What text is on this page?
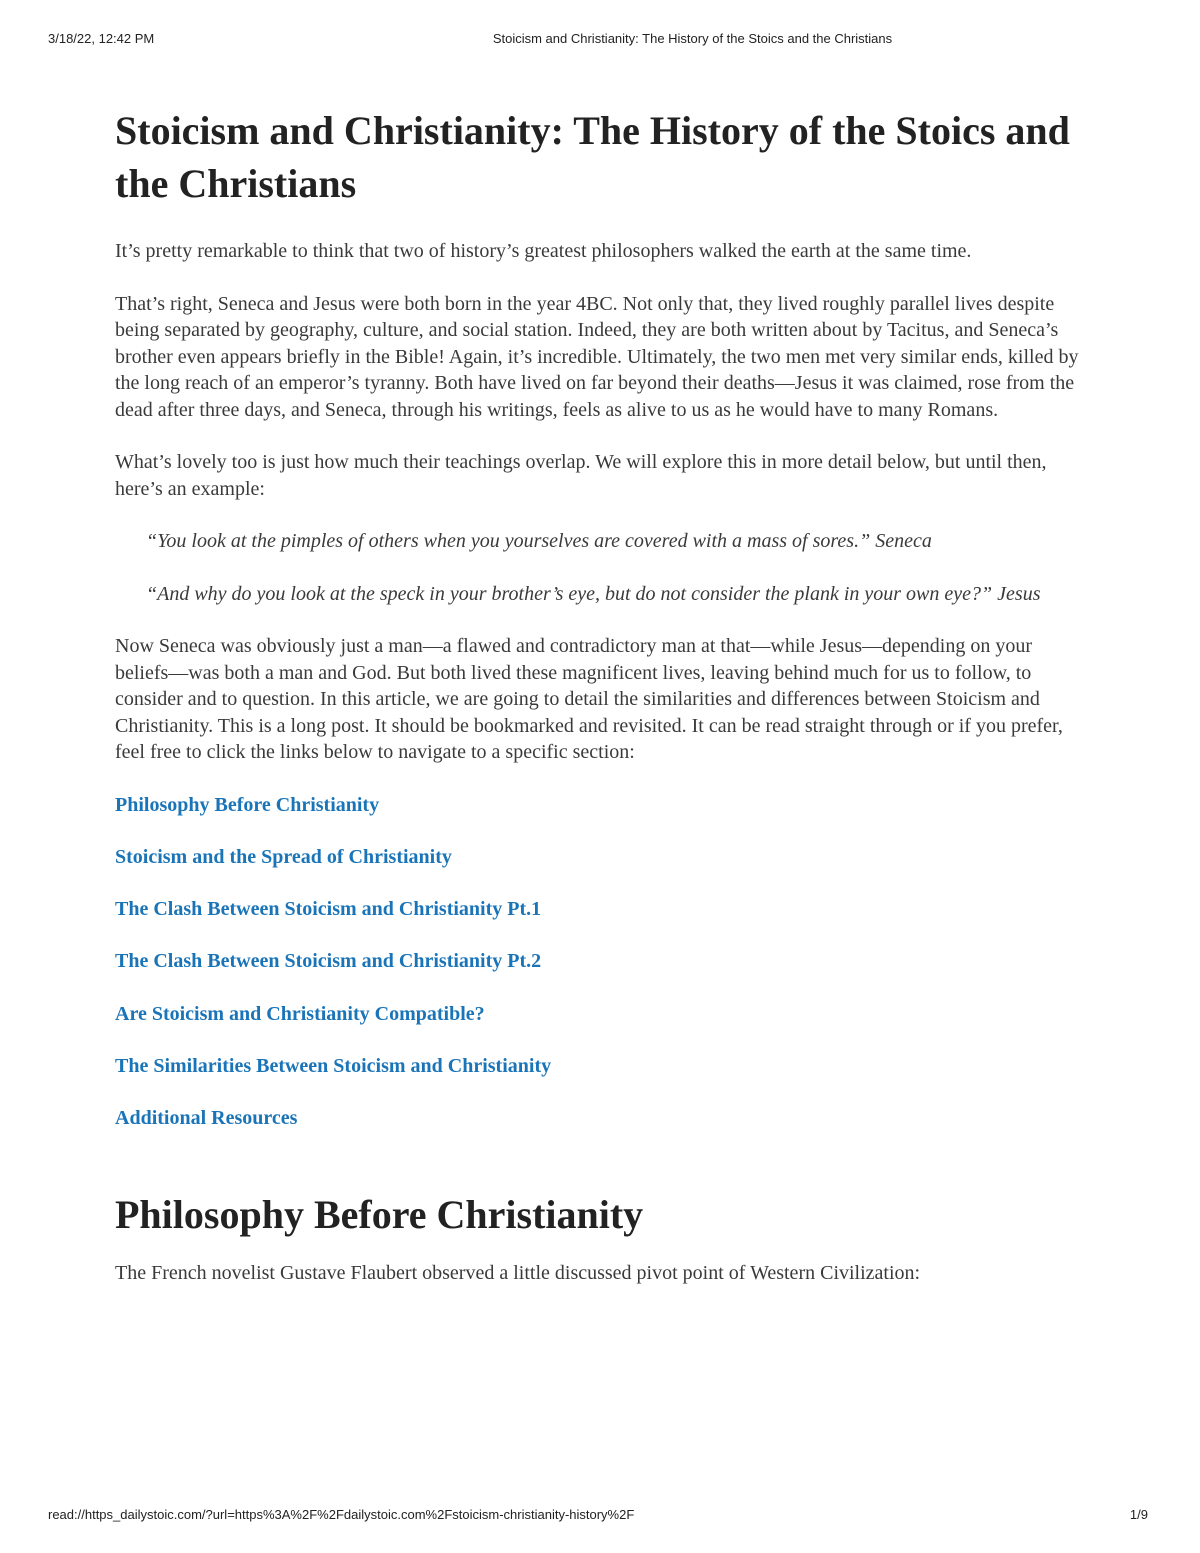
3/18/22, 12:42 PM	Stoicism and Christianity: The History of the Stoics and the Christians
Stoicism and Christianity: The History of the Stoics and the Christians

It’s pretty remarkable to think that two of history’s greatest philosophers walked the earth at the same time.

That’s right, Seneca and Jesus were both born in the year 4BC. Not only that, they lived roughly parallel lives despite being separated by geography, culture, and social station. Indeed, they are both written about by Tacitus, and Seneca’s brother even appears briefly in the Bible! Again, it’s incredible. Ultimately, the two men met very similar ends, killed by the long reach of an emperor’s tyranny. Both have lived on far beyond their deaths—Jesus it was claimed, rose from the dead after three days, and Seneca, through his writings, feels as alive to us as he would have to many Romans.

What’s lovely too is just how much their teachings overlap. We will explore this in more detail below, but until then, here’s an example:

“You look at the pimples of others when you yourselves are covered with a mass of sores.” Seneca
“And why do you look at the speck in your brother’s eye, but do not consider the plank in your own eye?” Jesus

Now Seneca was obviously just a man—a flawed and contradictory man at that—while Jesus—depending on your beliefs—was both a man and God. But both lived these magnificent lives, leaving behind much for us to follow, to consider and to question. In this article, we are going to detail the similarities and differences between Stoicism and Christianity. This is a long post. It should be bookmarked and revisited. It can be read straight through or if you prefer, feel free to click the links below to navigate to a specific section:

Philosophy Before Christianity
Stoicism and the Spread of Christianity
The Clash Between Stoicism and Christianity Pt.1
The Clash Between Stoicism and Christianity Pt.2
Are Stoicism and Christianity Compatible?
The Similarities Between Stoicism and Christianity
Additional Resources
Philosophy Before Christianity

The French novelist Gustave Flaubert observed a little discussed pivot point of Western Civilization:

read://https_dailystoic.com/?url=https%3A%2F%2Fdailystoic.com%2Fstoicism-christianity-history%2F	1/9
